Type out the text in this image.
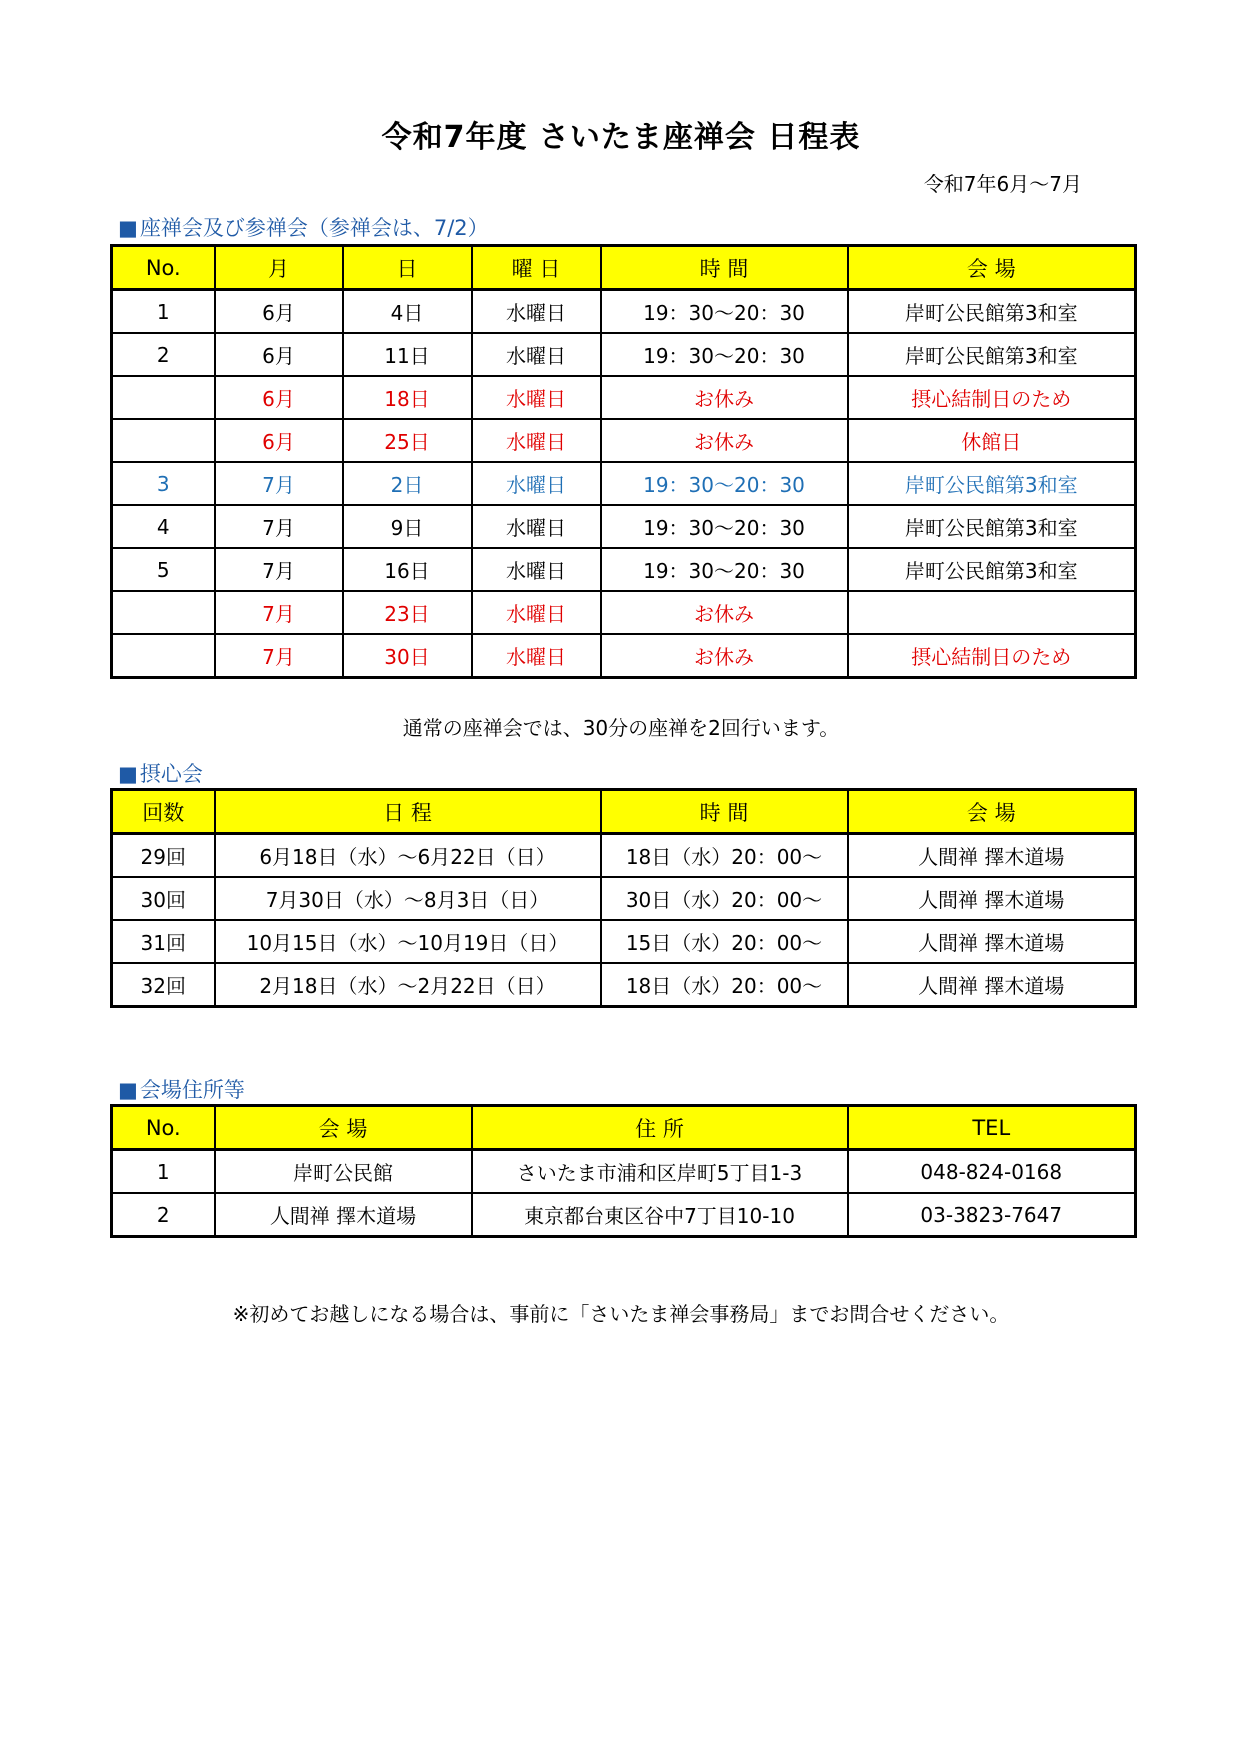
令和7年度 さいたま座禅会 日程表
令和7年6月～7月
■座禅会及び参禅会（参禅会は、7/2）
No.	月	日	曜 日	時 間	会 場
1	6月	4日	水曜日	19：30～20：30	岸町公民館第3和室
2	6月	11日	水曜日	19：30～20：30	岸町公民館第3和室
	6月	18日	水曜日	お休み	摂心結制日のため
	6月	25日	水曜日	お休み	休館日
3	7月	2日	水曜日	19：30～20：30	岸町公民館第3和室
4	7月	9日	水曜日	19：30～20：30	岸町公民館第3和室
5	7月	16日	水曜日	19：30～20：30	岸町公民館第3和室
	7月	23日	水曜日	お休み	
	7月	30日	水曜日	お休み	摂心結制日のため
通常の座禅会では、30分の座禅を2回行います。
■摂心会
回数	日 程	時 間	会 場
29回	6月18日（水）～6月22日（日）	18日（水）20：00～	人間禅 擇木道場
30回	7月30日（水）～8月3日（日）	30日（水）20：00～	人間禅 擇木道場
31回	10月15日（水）～10月19日（日）	15日（水）20：00～	人間禅 擇木道場
32回	2月18日（水）～2月22日（日）	18日（水）20：00～	人間禅 擇木道場
■会場住所等
No.	会 場	住 所	TEL
1	岸町公民館	さいたま市浦和区岸町5丁目1-3	048-824-0168
2	人間禅 擇木道場	東京都台東区谷中7丁目10-10	03-3823-7647
※初めてお越しになる場合は、事前に「さいたま禅会事務局」までお問合せください。
